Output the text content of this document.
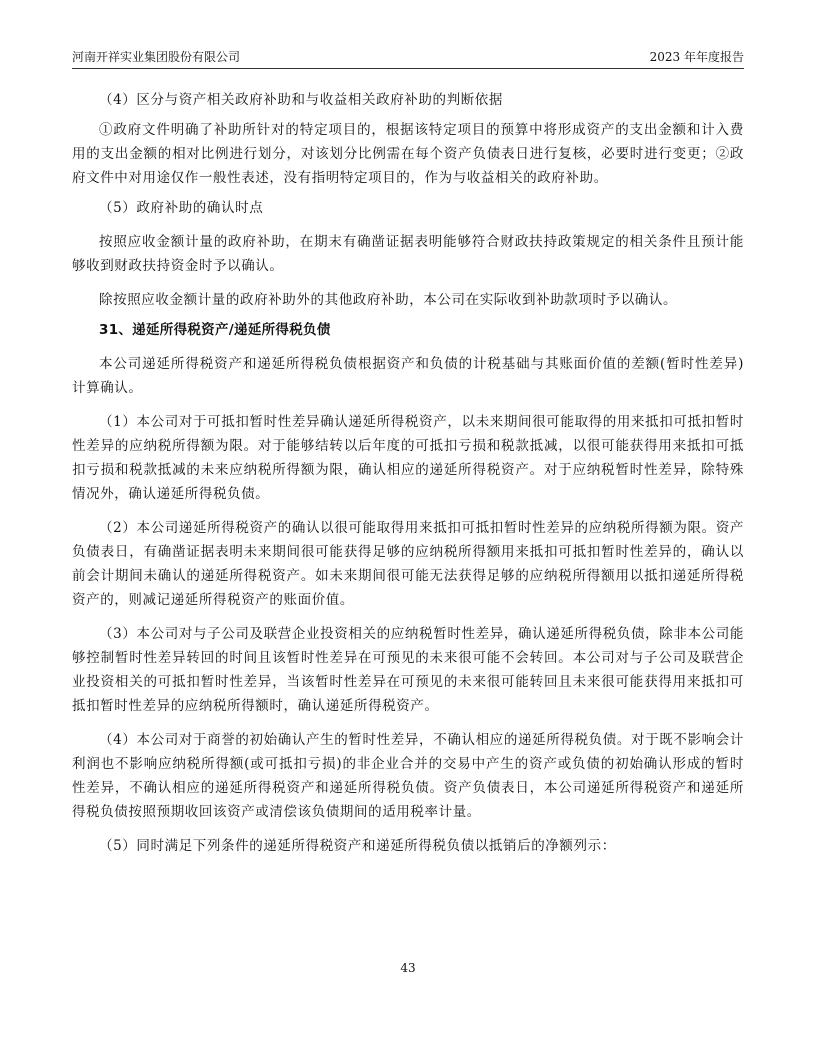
河南开祥实业集团股份有限公司	2023 年年度报告

（4）区分与资产相关政府补助和与收益相关政府补助的判断依据

①政府文件明确了补助所针对的特定项目的，根据该特定项目的预算中将形成资产的支出金额和计入费用的支出金额的相对比例进行划分，对该划分比例需在每个资产负债表日进行复核，必要时进行变更；②政府文件中对用途仅作一般性表述，没有指明特定项目的，作为与收益相关的政府补助。

（5）政府补助的确认时点

按照应收金额计量的政府补助，在期末有确凿证据表明能够符合财政扶持政策规定的相关条件且预计能够收到财政扶持资金时予以确认。

除按照应收金额计量的政府补助外的其他政府补助，本公司在实际收到补助款项时予以确认。

31、递延所得税资产/递延所得税负债

本公司递延所得税资产和递延所得税负债根据资产和负债的计税基础与其账面价值的差额(暂时性差异)计算确认。

（1）本公司对于可抵扣暂时性差异确认递延所得税资产，以未来期间很可能取得的用来抵扣可抵扣暂时性差异的应纳税所得额为限。对于能够结转以后年度的可抵扣亏损和税款抵减，以很可能获得用来抵扣可抵扣亏损和税款抵减的未来应纳税所得额为限，确认相应的递延所得税资产。对于应纳税暂时性差异，除特殊情况外，确认递延所得税负债。

（2）本公司递延所得税资产的确认以很可能取得用来抵扣可抵扣暂时性差异的应纳税所得额为限。资产负债表日，有确凿证据表明未来期间很可能获得足够的应纳税所得额用来抵扣可抵扣暂时性差异的，确认以前会计期间未确认的递延所得税资产。如未来期间很可能无法获得足够的应纳税所得额用以抵扣递延所得税资产的，则减记递延所得税资产的账面价值。

（3）本公司对与子公司及联营企业投资相关的应纳税暂时性差异，确认递延所得税负债，除非本公司能够控制暂时性差异转回的时间且该暂时性差异在可预见的未来很可能不会转回。本公司对与子公司及联营企业投资相关的可抵扣暂时性差异，当该暂时性差异在可预见的未来很可能转回且未来很可能获得用来抵扣可抵扣暂时性差异的应纳税所得额时，确认递延所得税资产。

（4）本公司对于商誉的初始确认产生的暂时性差异，不确认相应的递延所得税负债。对于既不影响会计利润也不影响应纳税所得额(或可抵扣亏损)的非企业合并的交易中产生的资产或负债的初始确认形成的暂时性差异，不确认相应的递延所得税资产和递延所得税负债。资产负债表日，本公司递延所得税资产和递延所得税负债按照预期收回该资产或清偿该负债期间的适用税率计量。

（5）同时满足下列条件的递延所得税资产和递延所得税负债以抵销后的净额列示：

43
